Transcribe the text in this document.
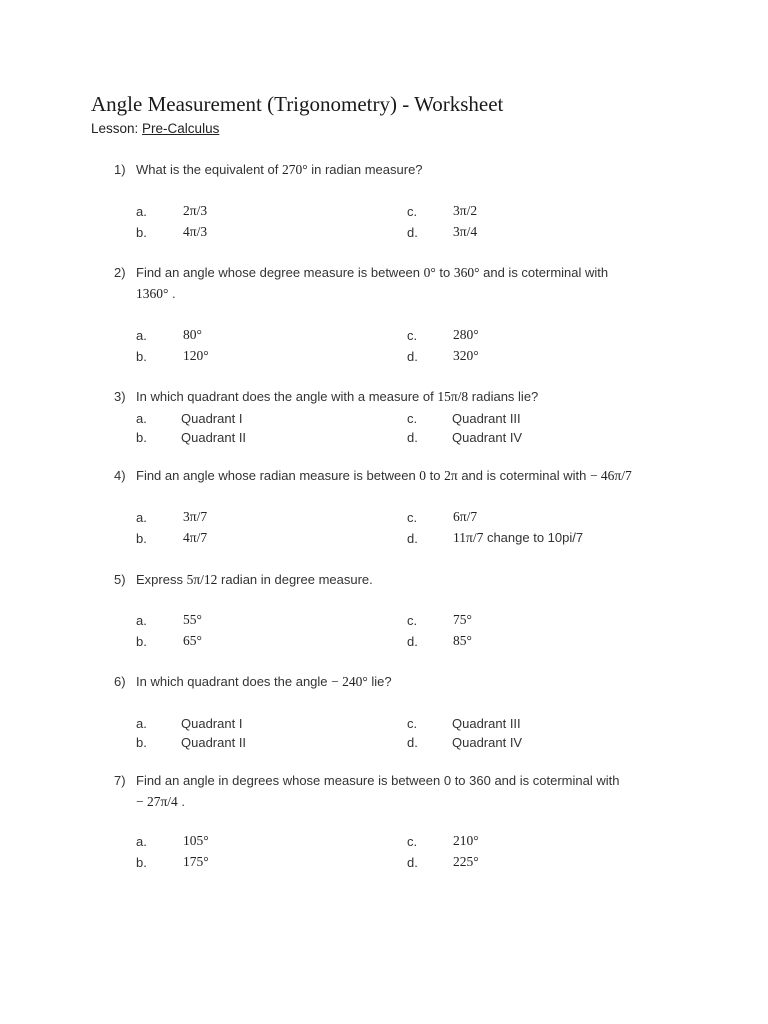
Angle Measurement (Trigonometry) - Worksheet
Lesson: Pre-Calculus
1) What is the equivalent of 270° in radian measure?
a.	2π/3	c.	3π/2
b.	4π/3	d.	3π/4
2) Find an angle whose degree measure is between 0° to 360° and is coterminal with
1360° .
a.	80°	c.	280°
b.	120°	d.	320°
3) In which quadrant does the angle with a measure of 15π/8 radians lie?
a.	Quadrant I	c.	Quadrant III
b.	Quadrant II	d.	Quadrant IV
4) Find an angle whose radian measure is between 0 to 2π and is coterminal with − 46π/7
a.	3π/7	c.	6π/7
b.	4π/7	d.	11π/7 change to 10pi/7
5) Express 5π/12 radian in degree measure.
a.	55°	c.	75°
b.	65°	d.	85°
6) In which quadrant does the angle − 240° lie?
a.	Quadrant I	c.	Quadrant III
b.	Quadrant II	d.	Quadrant IV
7) Find an angle in degrees whose measure is between 0 to 360 and is coterminal with
− 27π/4 .
a.	105°	c.	210°
b.	175°	d.	225°
